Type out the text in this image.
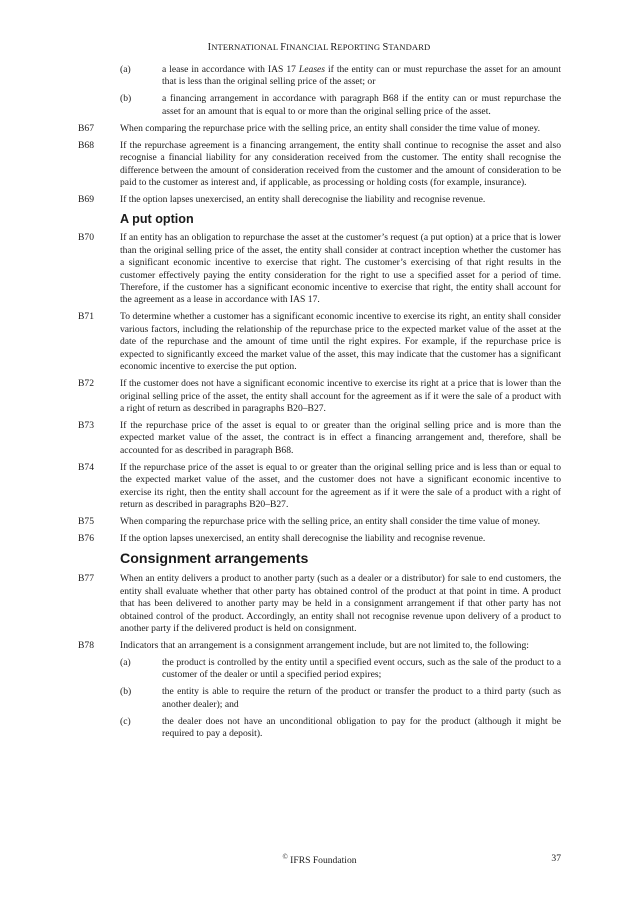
INTERNATIONAL FINANCIAL REPORTING STANDARD
(a)	a lease in accordance with IAS 17 Leases if the entity can or must repurchase the asset for an amount that is less than the original selling price of the asset; or

(b)	a financing arrangement in accordance with paragraph B68 if the entity can or must repurchase the asset for an amount that is equal to or more than the original selling price of the asset.

B67	When comparing the repurchase price with the selling price, an entity shall consider the time value of money.

B68	If the repurchase agreement is a financing arrangement, the entity shall continue to recognise the asset and also recognise a financial liability for any consideration received from the customer. The entity shall recognise the difference between the amount of consideration received from the customer and the amount of consideration to be paid to the customer as interest and, if applicable, as processing or holding costs (for example, insurance).

B69	If the option lapses unexercised, an entity shall derecognise the liability and recognise revenue.

A put option
B70	If an entity has an obligation to repurchase the asset at the customer’s request (a put option) at a price that is lower than the original selling price of the asset, the entity shall consider at contract inception whether the customer has a significant economic incentive to exercise that right. The customer’s exercising of that right results in the customer effectively paying the entity consideration for the right to use a specified asset for a period of time. Therefore, if the customer has a significant economic incentive to exercise that right, the entity shall account for the agreement as a lease in accordance with IAS 17.

B71	To determine whether a customer has a significant economic incentive to exercise its right, an entity shall consider various factors, including the relationship of the repurchase price to the expected market value of the asset at the date of the repurchase and the amount of time until the right expires. For example, if the repurchase price is expected to significantly exceed the market value of the asset, this may indicate that the customer has a significant economic incentive to exercise the put option.

B72	If the customer does not have a significant economic incentive to exercise its right at a price that is lower than the original selling price of the asset, the entity shall account for the agreement as if it were the sale of a product with a right of return as described in paragraphs B20–B27.

B73	If the repurchase price of the asset is equal to or greater than the original selling price and is more than the expected market value of the asset, the contract is in effect a financing arrangement and, therefore, shall be accounted for as described in paragraph B68.

B74	If the repurchase price of the asset is equal to or greater than the original selling price and is less than or equal to the expected market value of the asset, and the customer does not have a significant economic incentive to exercise its right, then the entity shall account for the agreement as if it were the sale of a product with a right of return as described in paragraphs B20–B27.

B75	When comparing the repurchase price with the selling price, an entity shall consider the time value of money.

B76	If the option lapses unexercised, an entity shall derecognise the liability and recognise revenue.

Consignment arrangements
B77	When an entity delivers a product to another party (such as a dealer or a distributor) for sale to end customers, the entity shall evaluate whether that other party has obtained control of the product at that point in time. A product that has been delivered to another party may be held in a consignment arrangement if that other party has not obtained control of the product. Accordingly, an entity shall not recognise revenue upon delivery of a product to another party if the delivered product is held on consignment.

B78	Indicators that an arrangement is a consignment arrangement include, but are not limited to, the following:

(a)	the product is controlled by the entity until a specified event occurs, such as the sale of the product to a customer of the dealer or until a specified period expires;

(b)	the entity is able to require the return of the product or transfer the product to a third party (such as another dealer); and

(c)	the dealer does not have an unconditional obligation to pay for the product (although it might be required to pay a deposit).

© IFRS Foundation	37
